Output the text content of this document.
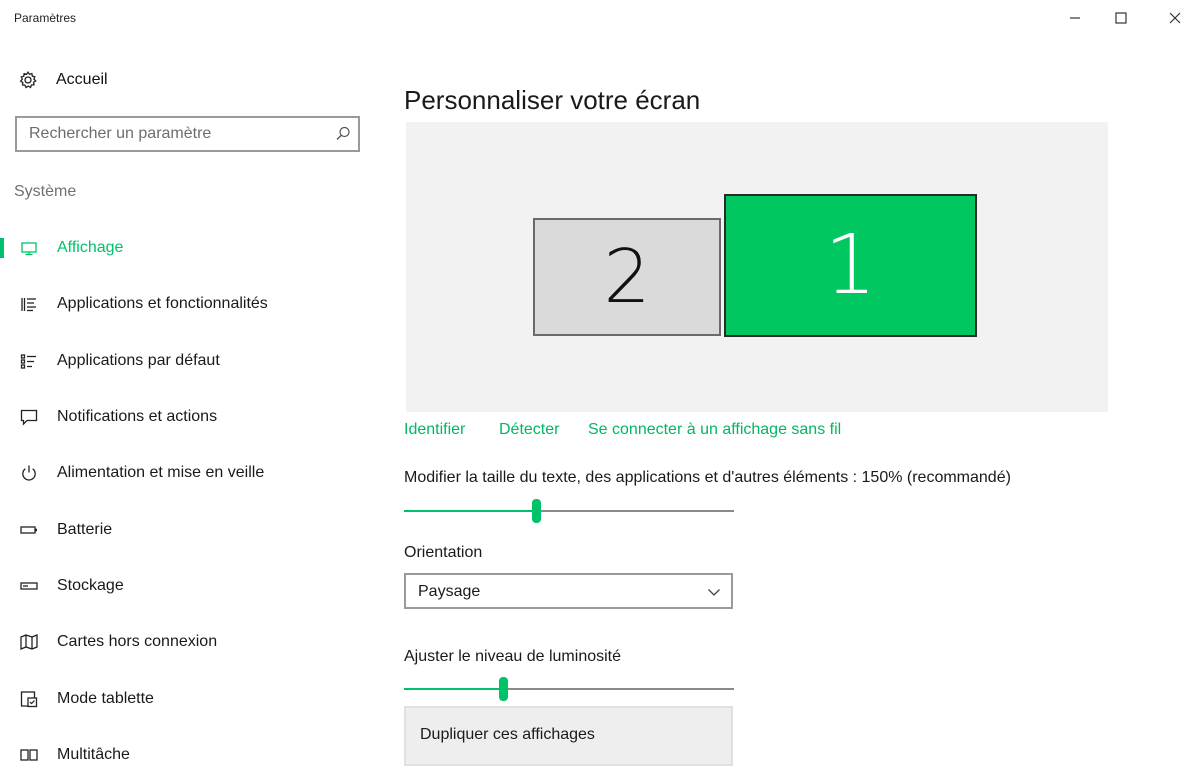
Paramètres
Accueil
Rechercher un paramètre
Système
Affichage
Applications et fonctionnalités
Applications par défaut
Notifications et actions
Alimentation et mise en veille
Batterie
Stockage
Cartes hors connexion
Mode tablette
Multitâche
Personnaliser votre écran
2 1
Identifier Détecter Se connecter à un affichage sans fil
Modifier la taille du texte, des applications et d'autres éléments : 150% (recommandé)
Orientation
Paysage
Ajuster le niveau de luminosité
Dupliquer ces affichages
